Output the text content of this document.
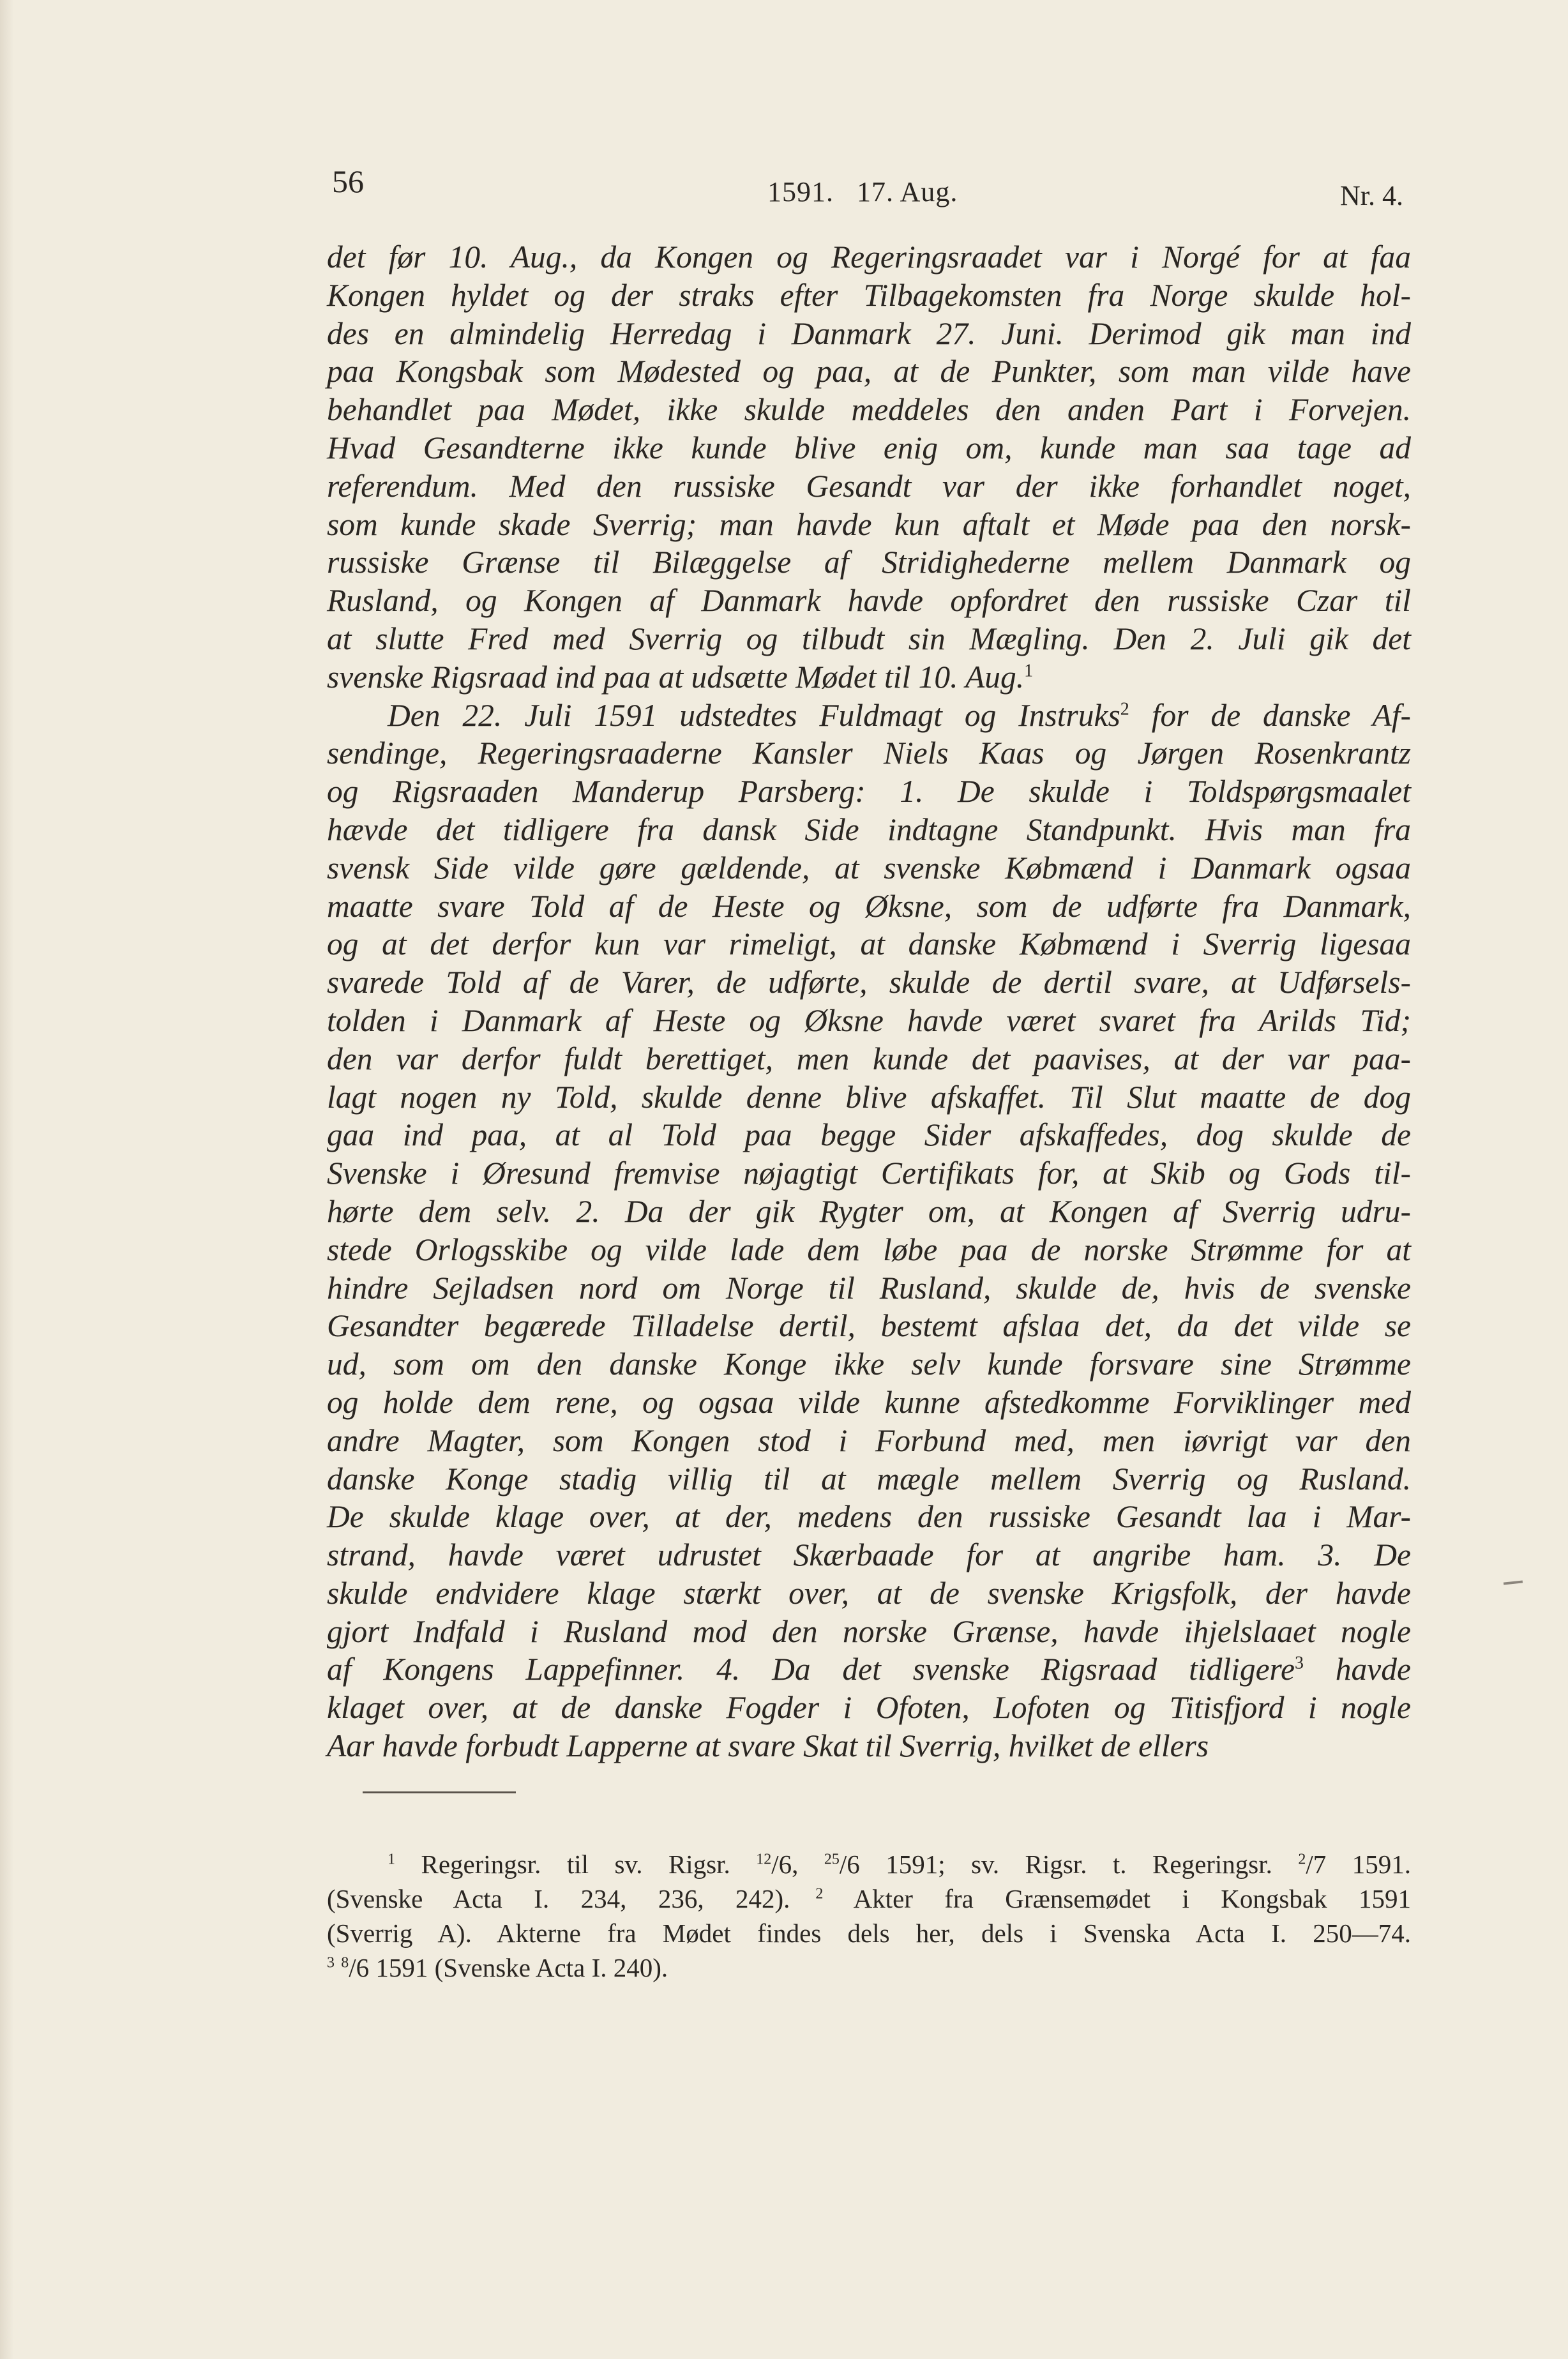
56	1591.   17. Aug.	Nr. 4.
det før 10. Aug., da Kongen og Regeringsraadet var i Norgé for at faa
Kongen hyldet og der straks efter Tilbagekomsten fra Norge skulde hol-
des en almindelig Herredag i Danmark 27. Juni. Derimod gik man ind
paa Kongsbak som Mødested og paa, at de Punkter, som man vilde have
behandlet paa Mødet, ikke skulde meddeles den anden Part i Forvejen.
Hvad Gesandterne ikke kunde blive enig om, kunde man saa tage ad
referendum. Med den russiske Gesandt var der ikke forhandlet noget,
som kunde skade Sverrig; man havde kun aftalt et Møde paa den norsk-
russiske Grænse til Bilæggelse af Stridighederne mellem Danmark og
Rusland, og Kongen af Danmark havde opfordret den russiske Czar til
at slutte Fred med Sverrig og tilbudt sin Mægling. Den 2. Juli gik det
svenske Rigsraad ind paa at udsætte Mødet til 10. Aug.$^1$
Den 22. Juli 1591 udstedtes Fuldmagt og Instruks$^2$ for de danske Af-
sendinge, Regeringsraaderne Kansler Niels Kaas og Jørgen Rosenkrantz
og Rigsraaden Manderup Parsberg: 1. De skulde i Toldspørgsmaalet
hævde det tidligere fra dansk Side indtagne Standpunkt. Hvis man fra
svensk Side vilde gøre gældende, at svenske Købmænd i Danmark ogsaa
maatte svare Told af de Heste og Øksne, som de udførte fra Danmark,
og at det derfor kun var rimeligt, at danske Købmænd i Sverrig ligesaa
svarede Told af de Varer, de udførte, skulde de dertil svare, at Udførsels-
tolden i Danmark af Heste og Øksne havde været svaret fra Arilds Tid;
den var derfor fuldt berettiget, men kunde det paavises, at der var paa-
lagt nogen ny Told, skulde denne blive afskaffet. Til Slut maatte de dog
gaa ind paa, at al Told paa begge Sider afskaffedes, dog skulde de
Svenske i Øresund fremvise nøjagtigt Certifikats for, at Skib og Gods til-
hørte dem selv. 2. Da der gik Rygter om, at Kongen af Sverrig udru-
stede Orlogsskibe og vilde lade dem løbe paa de norske Strømme for at
hindre Sejladsen nord om Norge til Rusland, skulde de, hvis de svenske
Gesandter begærede Tilladelse dertil, bestemt afslaa det, da det vilde se
ud, som om den danske Konge ikke selv kunde forsvare sine Strømme
og holde dem rene, og ogsaa vilde kunne afstedkomme Forviklinger med
andre Magter, som Kongen stod i Forbund med, men iøvrigt var den
danske Konge stadig villig til at mægle mellem Sverrig og Rusland.
De skulde klage over, at der, medens den russiske Gesandt laa i Mar-
strand, havde været udrustet Skærbaade for at angribe ham. 3. De
skulde endvidere klage stærkt over, at de svenske Krigsfolk, der havde
gjort Indfald i Rusland mod den norske Grænse, havde ihjelslaaet nogle
af Kongens Lappefinner. 4. Da det svenske Rigsraad tidligere$^3$ havde
klaget over, at de danske Fogder i Ofoten, Lofoten og Titisfjord i nogle
Aar havde forbudt Lapperne at svare Skat til Sverrig, hvilket de ellers
$^1$ Regeringsr. til sv. Rigsr. $^{12}$/6, $^{25}$/6 1591; sv. Rigsr. t. Regeringsr. $^2$/7 1591.
(Svenske Acta I. 234, 236, 242). $^2$ Akter fra Grænsemødet i Kongsbak 1591
(Sverrig A). Akterne fra Mødet findes dels her, dels i Svenska Acta I. 250—74.
$^3$ $^8$/6 1591 (Svenske Acta I. 240).
